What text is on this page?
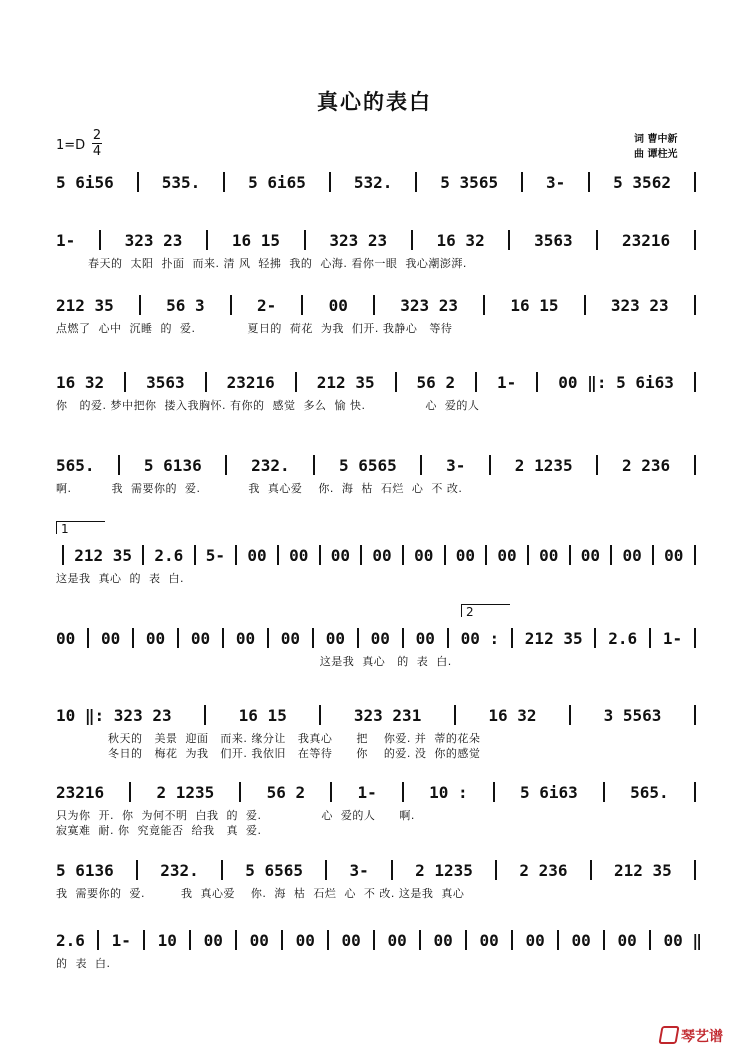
真心的表白
1=D
2
4
词 曹中新
曲 谭柱光
5 6i56	535.	5 6i65	532.	5 3565	3-	5 3562
1-	323 23	16 15	323 23	16 32	3563	23216
春天的  太阳  扑面  而来. 清 风  轻拂  我的  心海. 看你一眼  我心潮澎湃.
212 35	56 3	2-	00	323 23	16 15	323 23
点燃了  心中  沉睡  的  爱.             夏日的  荷花  为我  们开. 我静心   等待
16 32	3563	23216	212 35	56 2	1-	00 ‖: 5 6i63
你   的爱. 梦中把你  搂入我胸怀. 有你的  感觉  多么  愉 快.               心  爱的人
565.	5 6136	232.	5 6565	3-	2 1235	2 236
啊.          我  需要你的  爱.            我  真心爱    你.  海  枯  石烂  心  不 改.
1
212 35 2.6 5- 00 00 00 00 00 00 00 00 00 00 00
这是我  真心  的  表  白.
2
00 00 00 00 00 00 00 00 00 00 : 212 35 2.6 1-
这是我  真心   的  表  白.
10 ‖: 323 23	16 15	323 231	16 32	3 5563
秋天的   美景  迎面   而来. 缘分让   我真心      把    你爱. 并  蒂的花朵
冬日的   梅花  为我   们开. 我依旧   在等待      你    的爱. 没  你的感觉
23216	2 1235	56 2	1-	10 :	5 6i63	565.
只为你  开.  你  为何不明  白我  的  爱.               心  爱的人      啊.
寂寞难  耐. 你  究竟能否  给我   真  爱.
5 6136	232.	5 6565	3-	2 1235	2 236	212 35
我  需要你的  爱.         我  真心爱    你.  海  枯  石烂  心  不 改. 这是我  真心
2.6 1- 10 00 00 00 00 00 00 00 00 00 00 00 ‖
的  表  白.
琴艺谱
